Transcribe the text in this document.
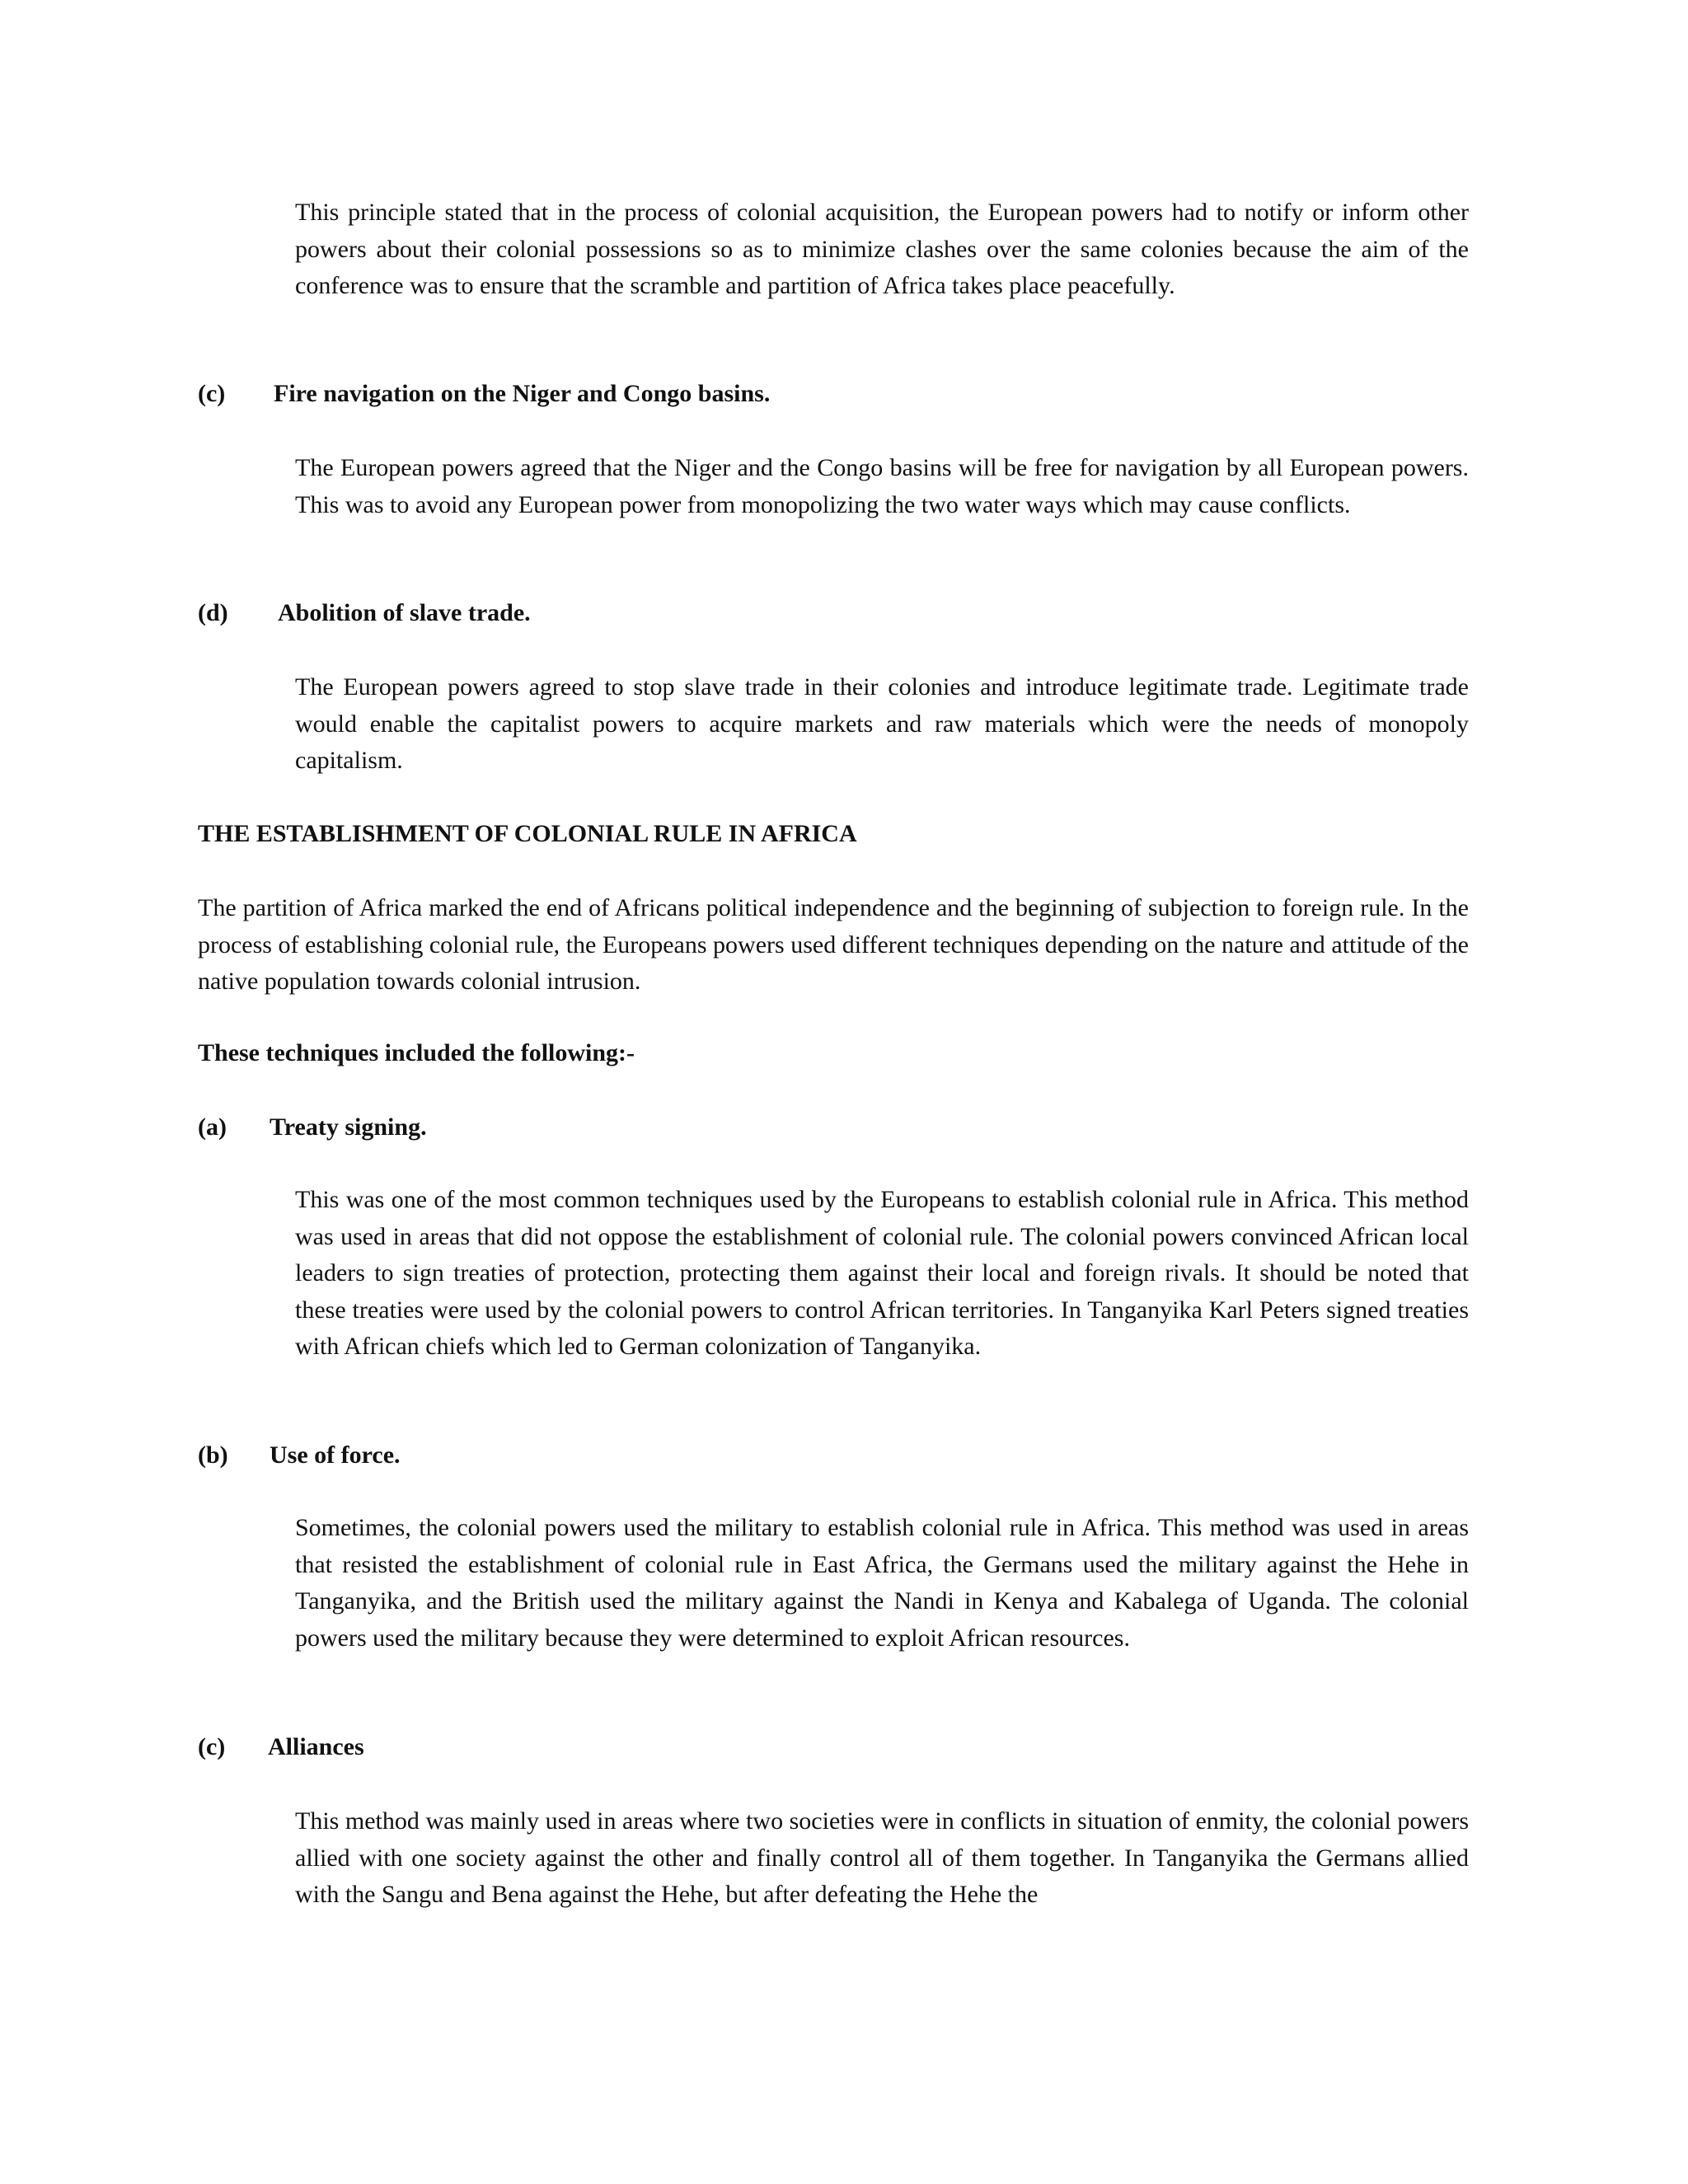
This principle stated that in the process of colonial acquisition, the European powers had to notify or inform other powers about their colonial possessions so as to minimize clashes over the same colonies because the aim of the conference was to ensure that the scramble and partition of Africa takes place peacefully.

(c) Fire navigation on the Niger and Congo basins.

The European powers agreed that the Niger and the Congo basins will be free for navigation by all European powers. This was to avoid any European power from monopolizing the two water ways which may cause conflicts.

(d) Abolition of slave trade.

The European powers agreed to stop slave trade in their colonies and introduce legitimate trade. Legitimate trade would enable the capitalist powers to acquire markets and raw materials which were the needs of monopoly capitalism.

THE ESTABLISHMENT OF COLONIAL RULE IN AFRICA

The partition of Africa marked the end of Africans political independence and the beginning of subjection to foreign rule. In the process of establishing colonial rule, the Europeans powers used different techniques depending on the nature and attitude of the native population towards colonial intrusion.

These techniques included the following:-

(a) Treaty signing.

This was one of the most common techniques used by the Europeans to establish colonial rule in Africa. This method was used in areas that did not oppose the establishment of colonial rule. The colonial powers convinced African local leaders to sign treaties of protection, protecting them against their local and foreign rivals. It should be noted that these treaties were used by the colonial powers to control African territories. In Tanganyika Karl Peters signed treaties with African chiefs which led to German colonization of Tanganyika.

(b) Use of force.

Sometimes, the colonial powers used the military to establish colonial rule in Africa. This method was used in areas that resisted the establishment of colonial rule in East Africa, the Germans used the military against the Hehe in Tanganyika, and the British used the military against the Nandi in Kenya and Kabalega of Uganda. The colonial powers used the military because they were determined to exploit African resources.

(c) Alliances

This method was mainly used in areas where two societies were in conflicts in situation of enmity, the colonial powers allied with one society against the other and finally control all of them together. In Tanganyika the Germans allied with the Sangu and Bena against the Hehe, but after defeating the Hehe the
